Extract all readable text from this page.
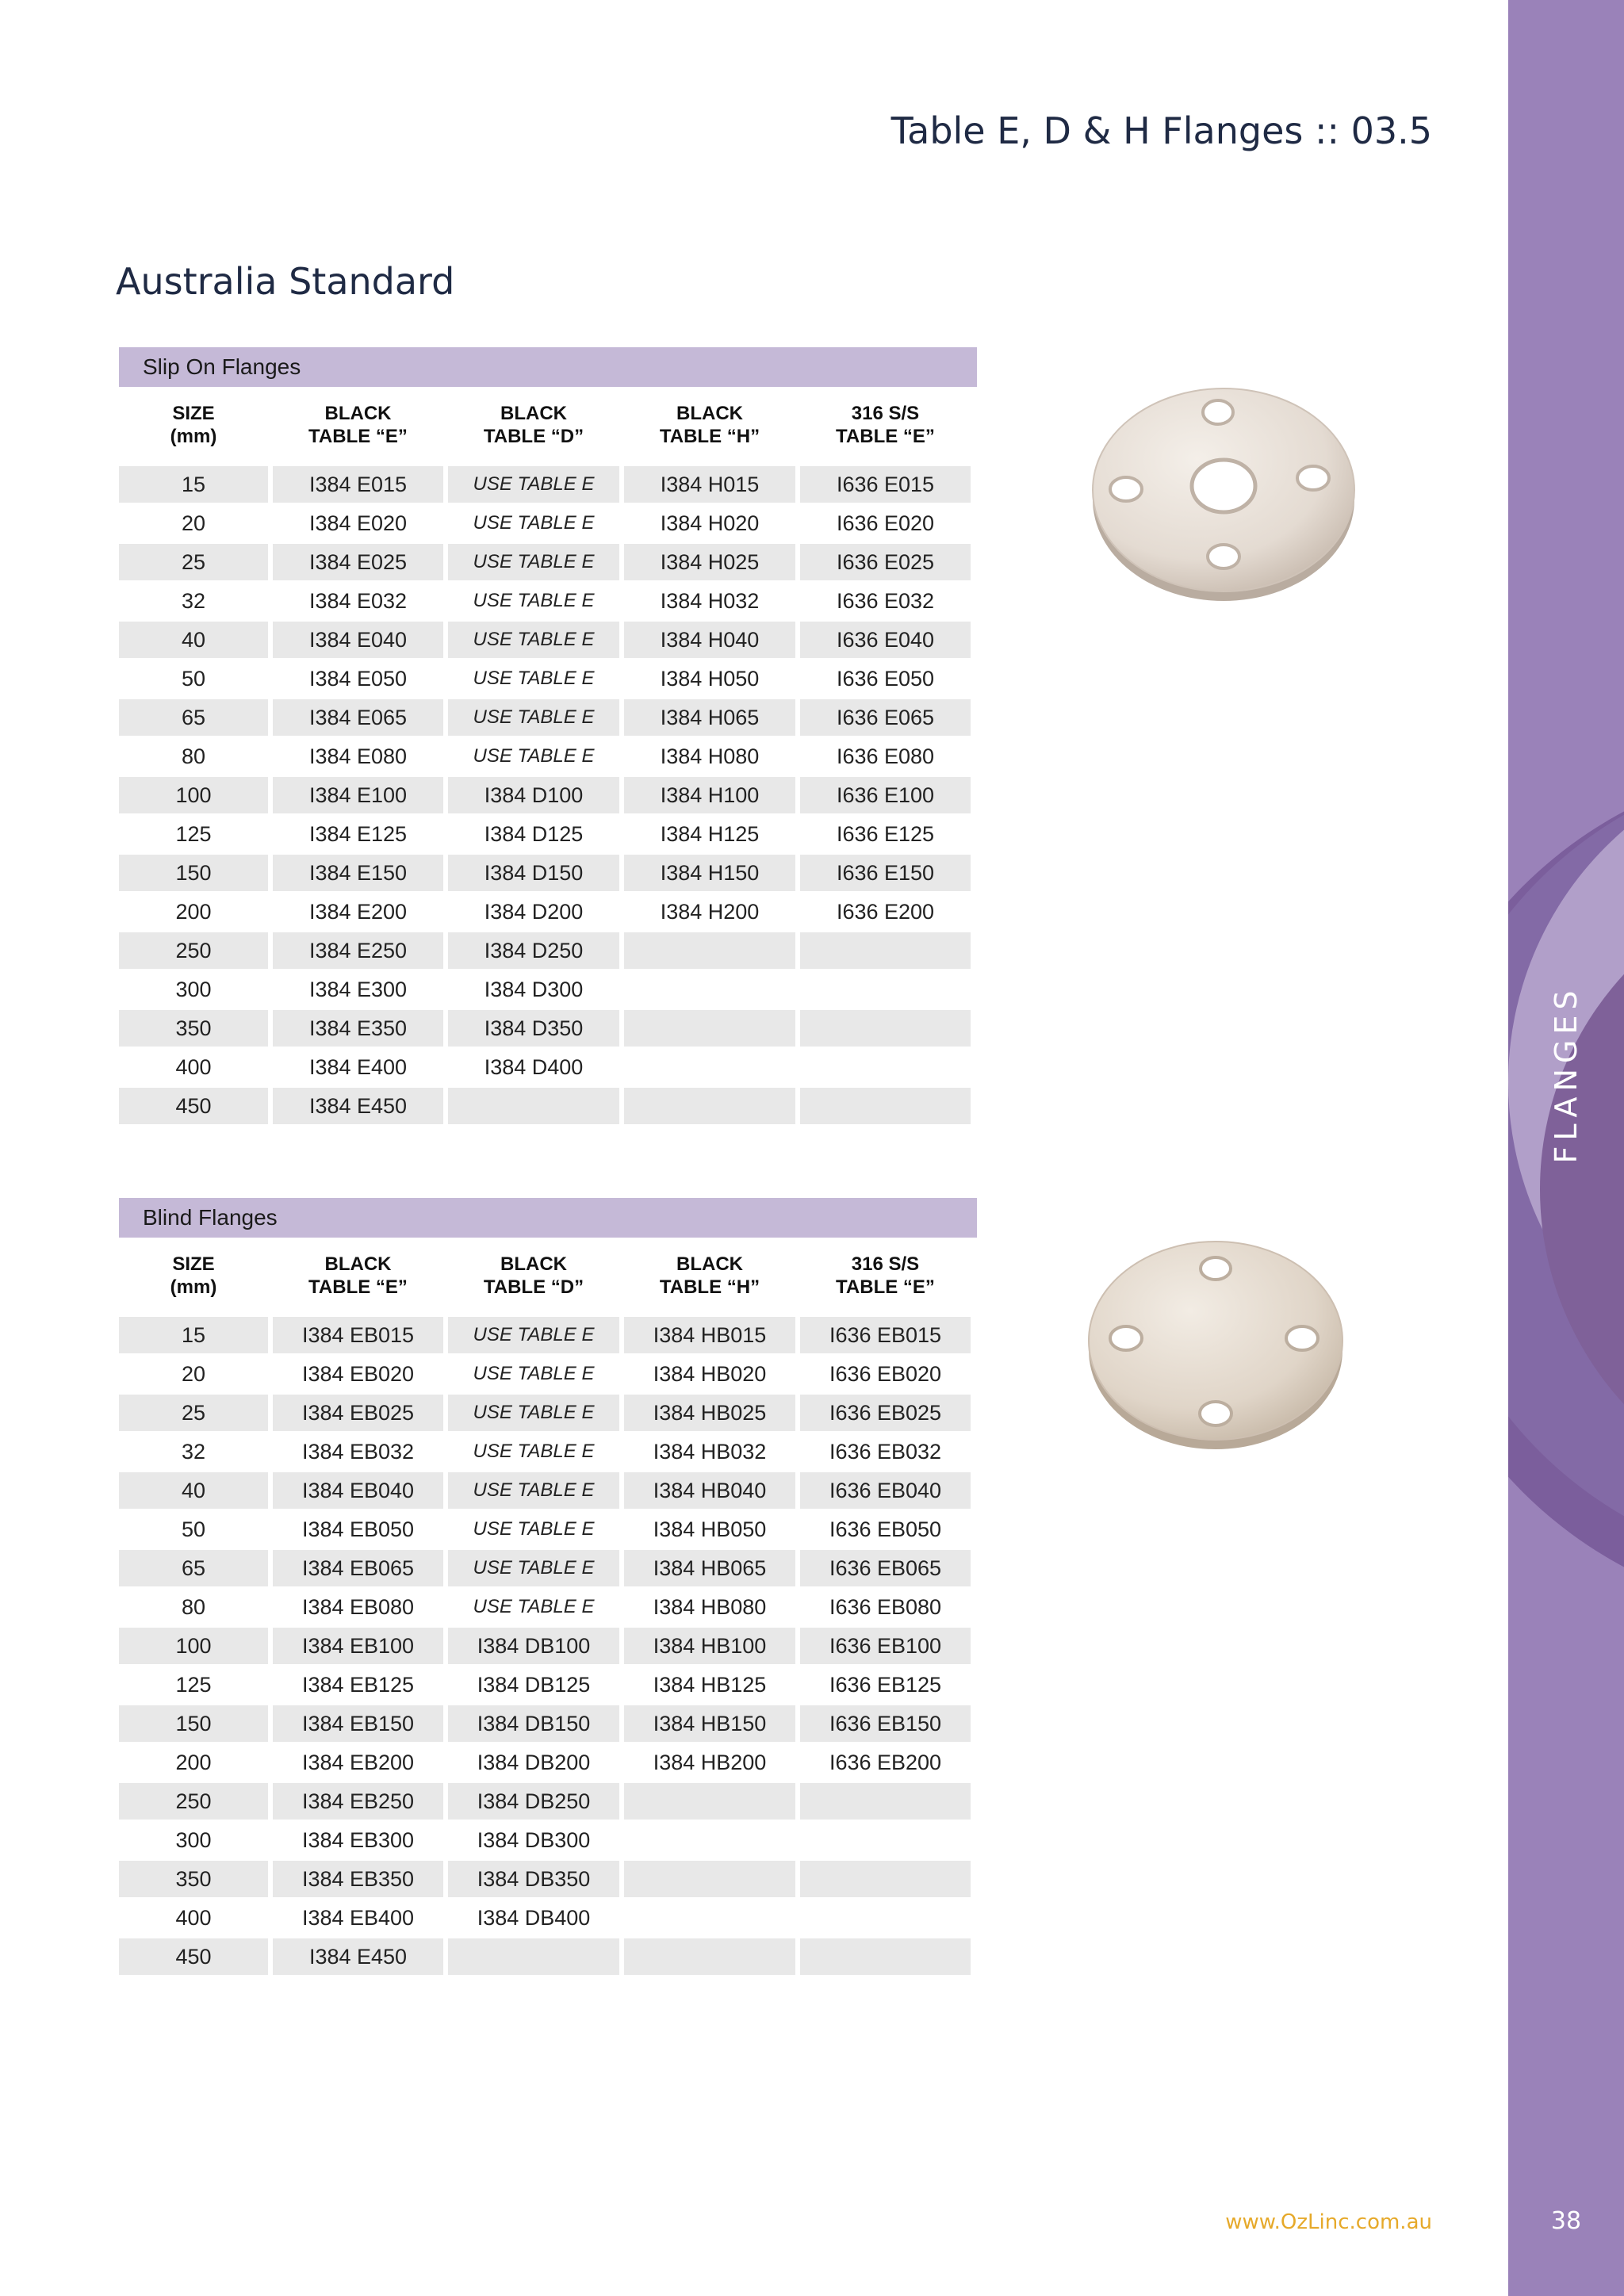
Table E, D & H Flanges :: 03.5
Australia Standard
Slip On Flanges
SIZE
(mm)
BLACK
TABLE “E”
BLACK
TABLE “D”
BLACK
TABLE “H”
316 S/S
TABLE “E”
15	I384 E015	USE TABLE E	I384 H015	I636 E015
20	I384 E020	USE TABLE E	I384 H020	I636 E020
25	I384 E025	USE TABLE E	I384 H025	I636 E025
32	I384 E032	USE TABLE E	I384 H032	I636 E032
40	I384 E040	USE TABLE E	I384 H040	I636 E040
50	I384 E050	USE TABLE E	I384 H050	I636 E050
65	I384 E065	USE TABLE E	I384 H065	I636 E065
80	I384 E080	USE TABLE E	I384 H080	I636 E080
100	I384 E100	I384 D100	I384 H100	I636 E100
125	I384 E125	I384 D125	I384 H125	I636 E125
150	I384 E150	I384 D150	I384 H150	I636 E150
200	I384 E200	I384 D200	I384 H200	I636 E200
250	I384 E250	I384 D250
300	I384 E300	I384 D300
350	I384 E350	I384 D350
400	I384 E400	I384 D400
450	I384 E450
Blind Flanges
SIZE
(mm)
BLACK
TABLE “E”
BLACK
TABLE “D”
BLACK
TABLE “H”
316 S/S
TABLE “E”
15	I384 EB015	USE TABLE E	I384 HB015	I636 EB015
20	I384 EB020	USE TABLE E	I384 HB020	I636 EB020
25	I384 EB025	USE TABLE E	I384 HB025	I636 EB025
32	I384 EB032	USE TABLE E	I384 HB032	I636 EB032
40	I384 EB040	USE TABLE E	I384 HB040	I636 EB040
50	I384 EB050	USE TABLE E	I384 HB050	I636 EB050
65	I384 EB065	USE TABLE E	I384 HB065	I636 EB065
80	I384 EB080	USE TABLE E	I384 HB080	I636 EB080
100	I384 EB100	I384 DB100	I384 HB100	I636 EB100
125	I384 EB125	I384 DB125	I384 HB125	I636 EB125
150	I384 EB150	I384 DB150	I384 HB150	I636 EB150
200	I384 EB200	I384 DB200	I384 HB200	I636 EB200
250	I384 EB250	I384 DB250
300	I384 EB300	I384 DB300
350	I384 EB350	I384 DB350
400	I384 EB400	I384 DB400
450	I384 E450
FLANGES
38
www.OzLinc.com.au
